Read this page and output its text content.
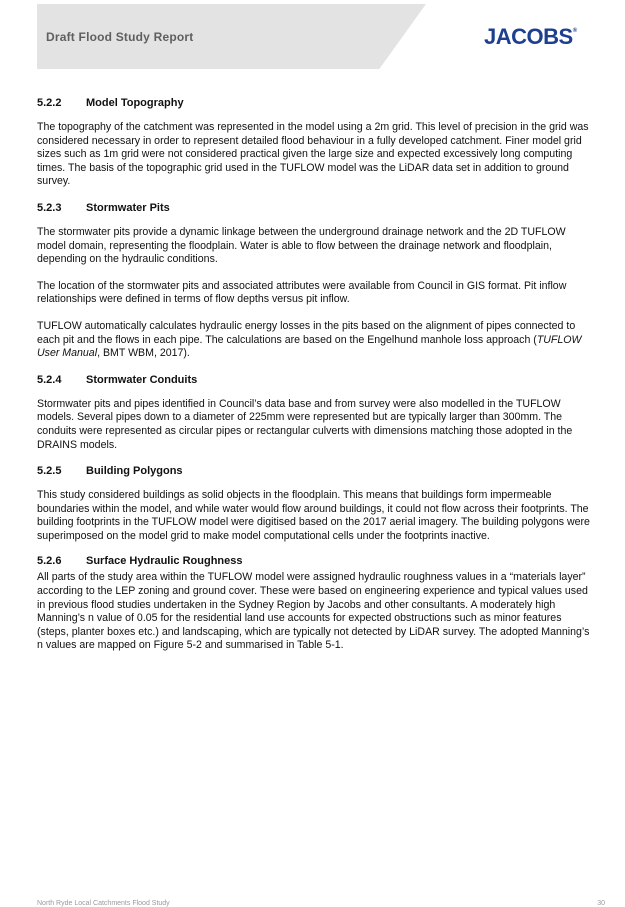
Draft Flood Study Report	JACOBS®
5.2.2	Model Topography

The topography of the catchment was represented in the model using a 2m grid. This level of precision in the grid was considered necessary in order to represent detailed flood behaviour in a fully developed catchment. Finer model grid sizes such as 1m grid were not considered practical given the large size and expected excessively long computing times. The basis of the topographic grid used in the TUFLOW model was the LiDAR data set in addition to ground survey.

5.2.3	Stormwater Pits

The stormwater pits provide a dynamic linkage between the underground drainage network and the 2D TUFLOW model domain, representing the floodplain. Water is able to flow between the drainage network and floodplain, depending on the hydraulic conditions.

The location of the stormwater pits and associated attributes were available from Council in GIS format. Pit inflow relationships were defined in terms of flow depths versus pit inflow.

TUFLOW automatically calculates hydraulic energy losses in the pits based on the alignment of pipes connected to each pit and the flows in each pipe. The calculations are based on the Engelhund manhole loss approach (TUFLOW User Manual, BMT WBM, 2017).

5.2.4	Stormwater Conduits

Stormwater pits and pipes identified in Council’s data base and from survey were also modelled in the TUFLOW models. Several pipes down to a diameter of 225mm were represented but are typically larger than 300mm. The conduits were represented as circular pipes or rectangular culverts with dimensions matching those adopted in the DRAINS models.

5.2.5	Building Polygons

This study considered buildings as solid objects in the floodplain. This means that buildings form impermeable boundaries within the model, and while water would flow around buildings, it could not flow across their footprints. The building footprints in the TUFLOW model were digitised based on the 2017 aerial imagery. The building polygons were superimposed on the model grid to make model computational cells under the footprints inactive.

5.2.6	Surface Hydraulic Roughness

All parts of the study area within the TUFLOW model were assigned hydraulic roughness values in a “materials layer” according to the LEP zoning and ground cover. These were based on engineering experience and typical values used in previous flood studies undertaken in the Sydney Region by Jacobs and other consultants. A moderately high Manning’s n value of 0.05 for the residential land use accounts for expected obstructions such as minor features (steps, planter boxes etc.) and landscaping, which are typically not detected by LiDAR survey. The adopted Manning’s n values are mapped on Figure 5-2 and summarised in Table 5-1.

North Ryde Local Catchments Flood Study	30
